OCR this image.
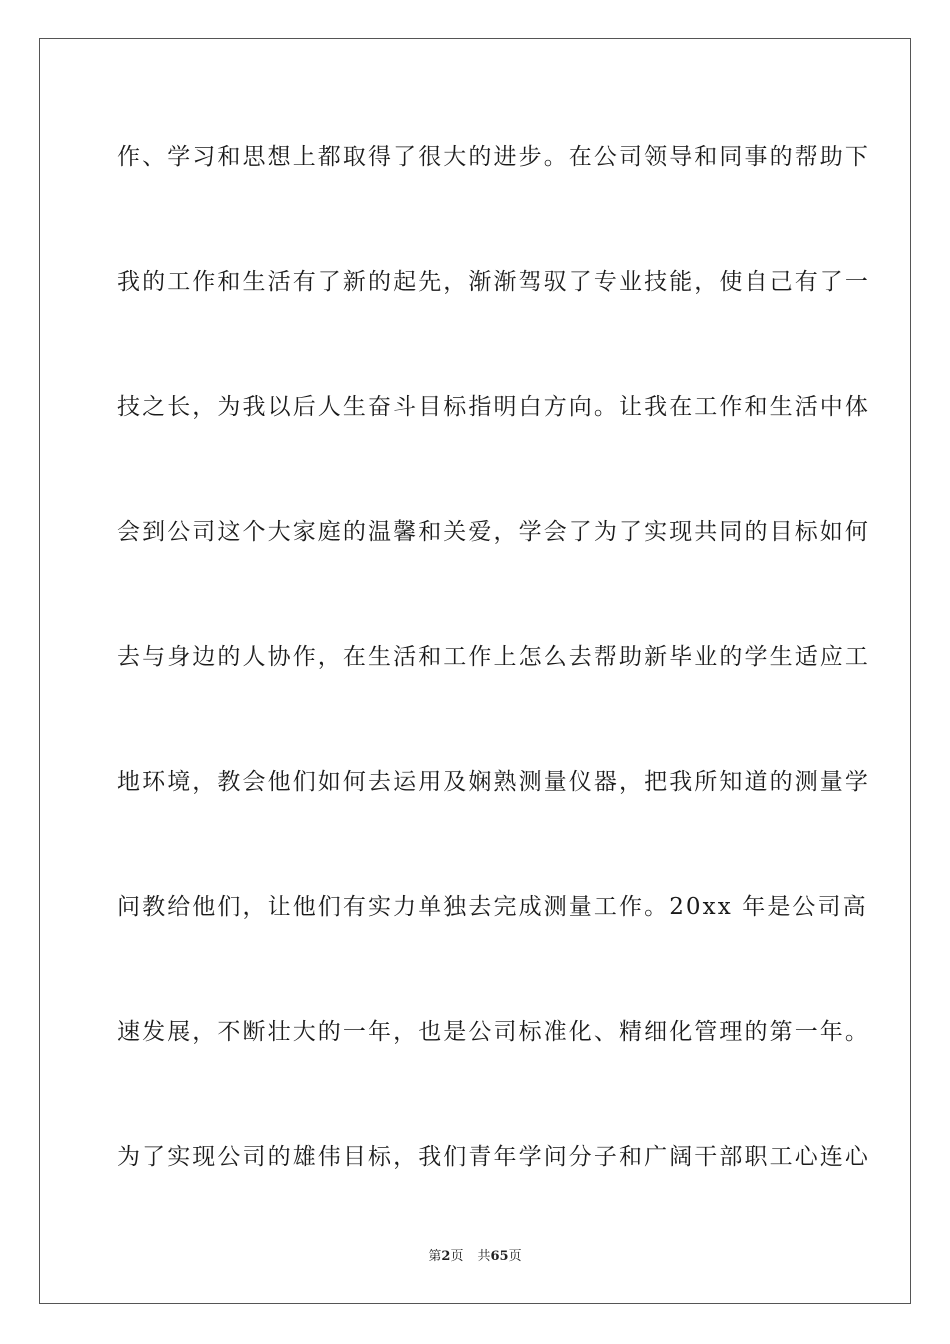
作、学习和思想上都取得了很大的进步。在公司领导和同事的帮助下
我的工作和生活有了新的起先，渐渐驾驭了专业技能，使自己有了一
技之长，为我以后人生奋斗目标指明白方向。让我在工作和生活中体
会到公司这个大家庭的温馨和关爱，学会了为了实现共同的目标如何
去与身边的人协作，在生活和工作上怎么去帮助新毕业的学生适应工
地环境，教会他们如何去运用及娴熟测量仪器，把我所知道的测量学
问教给他们，让他们有实力单独去完成测量工作。20xx 年是公司高
速发展，不断壮大的一年，也是公司标准化、精细化管理的第一年。
为了实现公司的雄伟目标，我们青年学问分子和广阔干部职工心连心
第2页 共65页
